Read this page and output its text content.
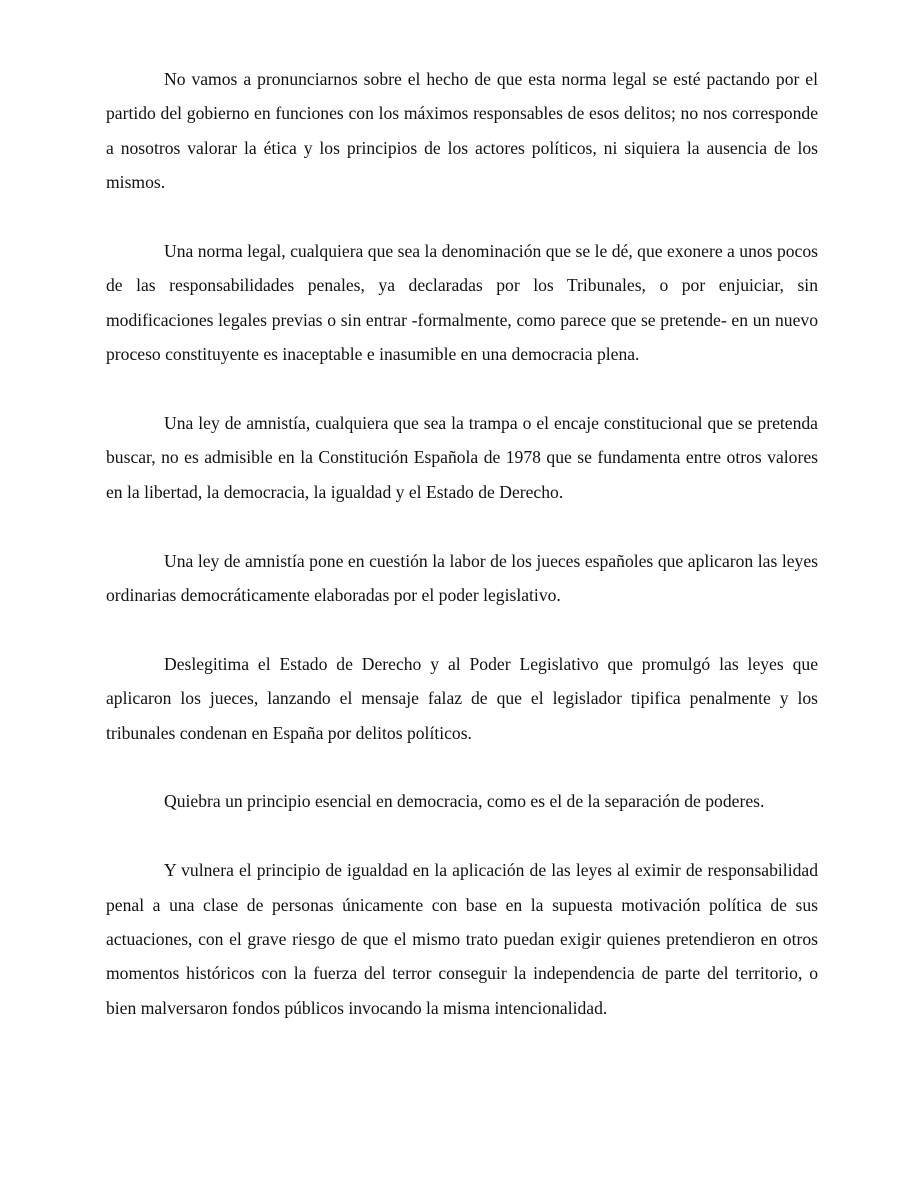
No vamos a pronunciarnos sobre el hecho de que esta norma legal se esté pactando por el partido del gobierno en funciones con los máximos responsables de esos delitos; no nos corresponde a nosotros valorar la ética y los principios de los actores políticos, ni siquiera la ausencia de los mismos.

Una norma legal, cualquiera que sea la denominación que se le dé, que exonere a unos pocos de las responsabilidades penales, ya declaradas por los Tribunales, o por enjuiciar, sin modificaciones legales previas o sin entrar -formalmente, como parece que se pretende- en un nuevo proceso constituyente es inaceptable e inasumible en una democracia plena.

Una ley de amnistía, cualquiera que sea la trampa o el encaje constitucional que se pretenda buscar, no es admisible en la Constitución Española de 1978 que se fundamenta entre otros valores en la libertad, la democracia, la igualdad y el Estado de Derecho.

Una ley de amnistía pone en cuestión la labor de los jueces españoles que aplicaron las leyes ordinarias democráticamente elaboradas por el poder legislativo.

Deslegitima el Estado de Derecho y al Poder Legislativo que promulgó las leyes que aplicaron los jueces, lanzando el mensaje falaz de que el legislador tipifica penalmente y los tribunales condenan en España por delitos políticos.

Quiebra un principio esencial en democracia, como es el de la separación de poderes.

Y vulnera el principio de igualdad en la aplicación de las leyes al eximir de responsabilidad penal a una clase de personas únicamente con base en la supuesta motivación política de sus actuaciones, con el grave riesgo de que el mismo trato puedan exigir quienes pretendieron en otros momentos históricos con la fuerza del terror conseguir la independencia de parte del territorio, o bien malversaron fondos públicos invocando la misma intencionalidad.
